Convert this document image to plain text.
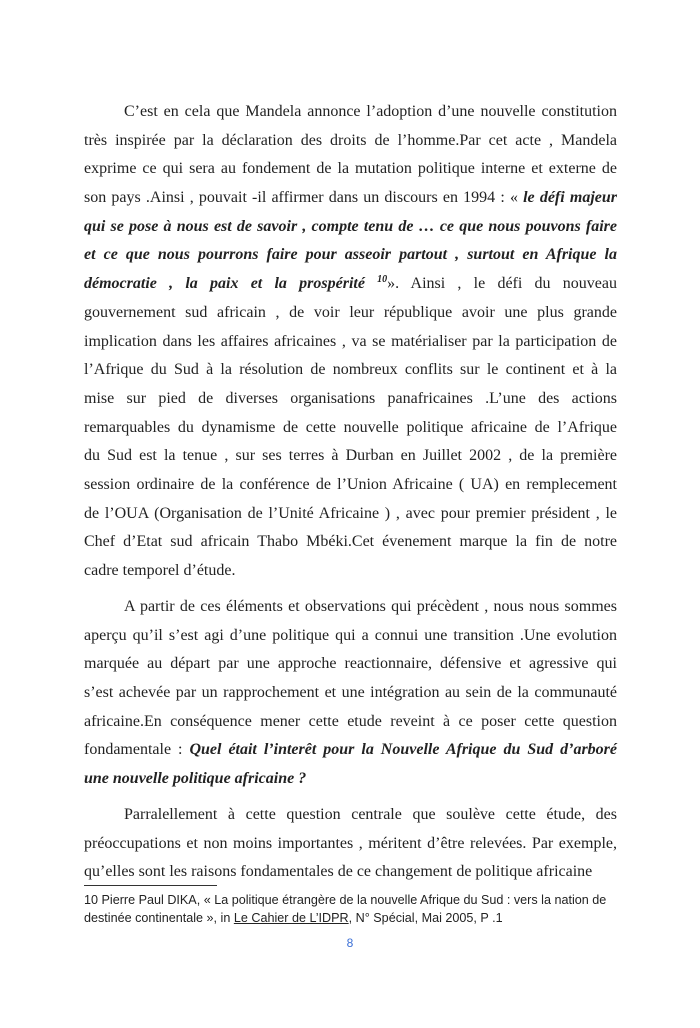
C’est en cela que Mandela annonce l’adoption d’une nouvelle constitution
très inspirée par la déclaration des droits de l’homme.Par cet acte , Mandela
exprime ce qui sera au fondement de la mutation politique interne et externe de
son pays .Ainsi , pouvait -il affirmer dans un discours en 1994 : « le défi majeur
qui se pose à nous est de savoir , compte tenu de … ce que nous pouvons faire
et ce que nous pourrons faire pour asseoir partout , surtout en Afrique la
démocratie , la paix et la prospérité $^{10}$». Ainsi , le défi du nouveau
gouvernement sud africain , de voir leur république avoir une plus grande
implication dans les affaires africaines , va se matérialiser par la participation de
l’Afrique du Sud à la résolution de nombreux conflits sur le continent et à la
mise sur pied de diverses organisations panafricaines .L’une des actions
remarquables du dynamisme de cette nouvelle politique africaine de l’Afrique
du Sud est la tenue , sur ses terres à Durban en Juillet 2002 , de la première
session ordinaire de la conférence de l’Union Africaine ( UA) en remplecement
de l’OUA (Organisation de l’Unité Africaine ) , avec pour premier président , le
Chef d’Etat sud africain Thabo Mbéki.Cet évenement marque la fin de notre
cadre temporel d’étude.
A partir de ces éléments et observations qui précèdent , nous nous sommes
aperçu qu’il s’est agi d’une politique qui a connui une transition .Une evolution
marquée au départ par une approche reactionnaire, défensive et agressive qui
s’est achevée par un rapprochement et une intégration au sein de la communauté
africaine.En conséquence mener cette etude reveint à ce poser cette question
fondamentale : Quel était l’interêt pour la Nouvelle Afrique du Sud d’arboré
une nouvelle politique africaine ?
Parralellement à cette question centrale que soulève cette étude, des
préoccupations et non moins importantes , méritent d’être relevées. Par exemple,
qu’elles sont les raisons fondamentales de ce changement de politique africaine
10 Pierre Paul DIKA, « La politique étrangère de la nouvelle Afrique du Sud : vers la nation de destinée continentale », in Le Cahier de L’IDPR, N° Spécial, Mai 2005, P .1
8
